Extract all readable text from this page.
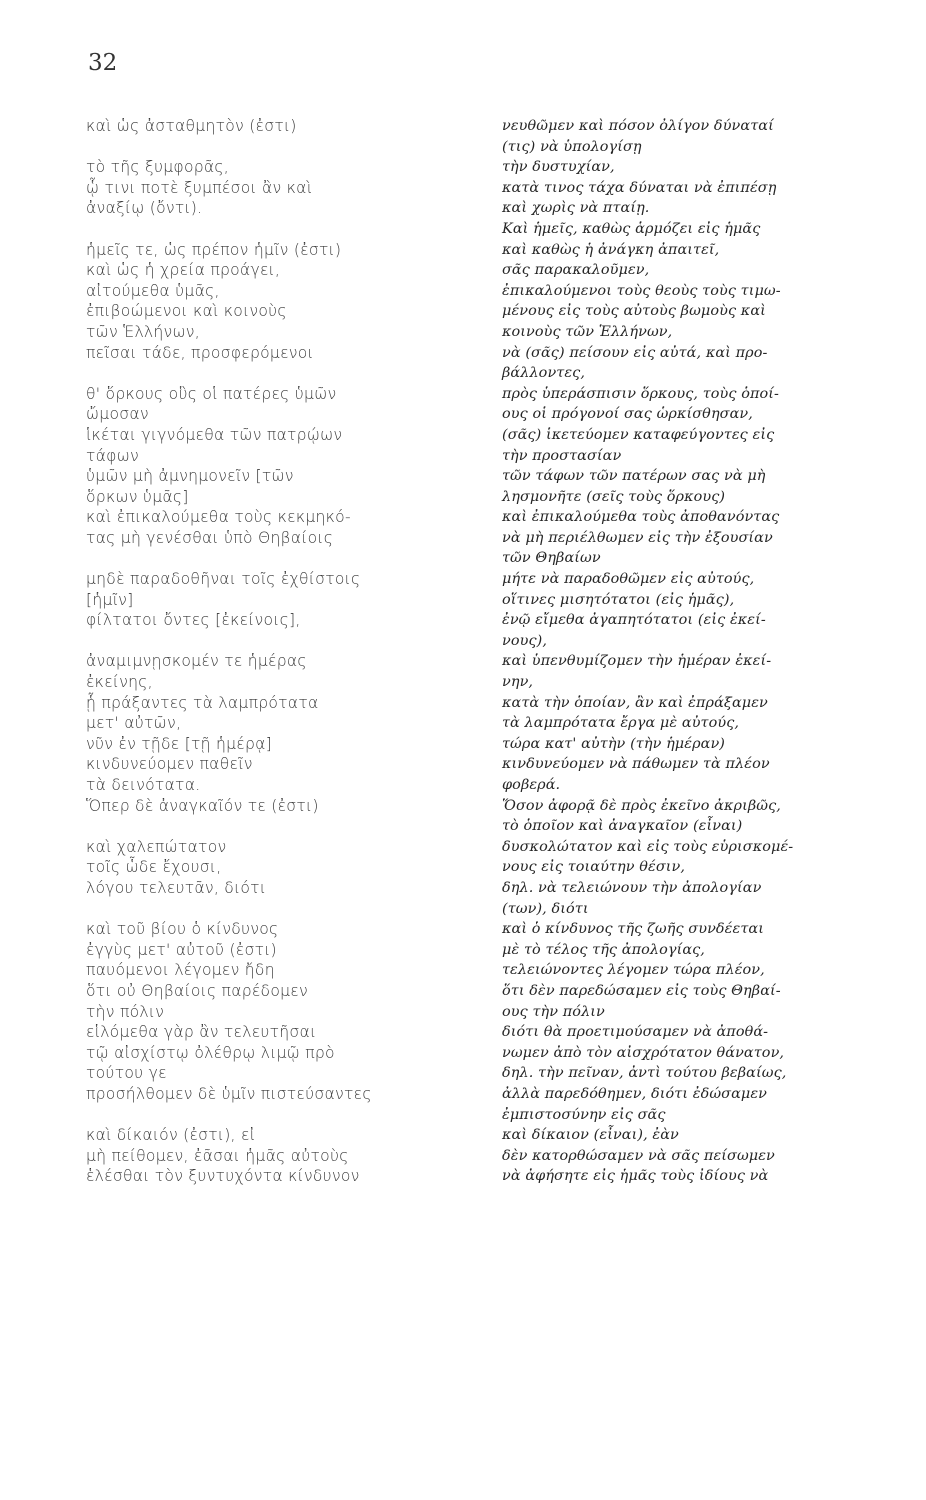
32
καὶ ὡς ἀσταθμητὸν (ἐστι)
τὸ τῆς ξυμφορᾶς,
ᾧ τινι ποτὲ ξυμπέσοι ἂν καὶ
ἀναξίῳ (ὄντι).
ἡμεῖς τε, ὡς πρέπον ἡμῖν (ἐστι)
καὶ ὡς ἡ χρεία προάγει,
αἰτούμεθα ὑμᾶς,
ἐπιβοώμενοι καὶ κοινοὺς
τῶν Ἑλλήνων,
πεῖσαι τάδε, προσφερόμενοι
θ' ὅρκους οὓς οἱ πατέρες ὑμῶν
ὤμοσαν
ἱκέται γιγνόμεθα τῶν πατρῴων
τάφων
ὑμῶν μὴ ἀμνημονεῖν [τῶν
ὅρκων ὑμᾶς]
καὶ ἐπικαλούμεθα τοὺς κεκμηκό-
τας μὴ γενέσθαι ὑπὸ Θηβαίοις
μηδὲ παραδοθῆναι τοῖς ἐχθίστοις
[ἡμῖν]
φίλτατοι ὄντες [ἐκείνοις],
ἀναμιμνῃσκομέν τε ἡμέρας
ἐκείνης,
ᾗ πράξαντες τὰ λαμπρότατα
μετ' αὐτῶν,
νῦν ἐν τῇδε [τῇ ἡμέρᾳ]
κινδυνεύομεν παθεῖν
τὰ δεινότατα.
Ὅπερ δὲ ἀναγκαῖόν τε (ἐστι)
καὶ χαλεπώτατον
τοῖς ὧδε ἔχουσι,
λόγου τελευτᾶν, διότι
καὶ τοῦ βίου ὁ κίνδυνος
ἐγγὺς μετ' αὐτοῦ (ἐστι)
παυόμενοι λέγομεν ἤδη
ὅτι οὐ Θηβαίοις παρέδομεν
τὴν πόλιν
εἱλόμεθα γὰρ ἂν τελευτῆσαι
τῷ αἰσχίστῳ ὀλέθρῳ λιμῷ πρὸ
τούτου γε
προσήλθομεν δὲ ὑμῖν πιστεύσαντες
καὶ δίκαιόν (ἐστι), εἰ
μὴ πείθομεν, ἐᾶσαι ἡμᾶς αὐτοὺς
ἑλέσθαι τὸν ξυντυχόντα κίνδυνον
νευθῶμεν καὶ πόσον ὀλίγον δύναταί
(τις) νὰ ὑπολογίσῃ
τὴν δυστυχίαν,
κατὰ τινος τάχα δύναται νὰ ἐπιπέσῃ
καὶ χωρὶς νὰ πταίῃ.
Καὶ ἡμεῖς, καθὼς ἁρμόζει εἰς ἡμᾶς
καὶ καθὼς ἡ ἀνάγκη ἀπαιτεῖ,
σᾶς παρακαλοῦμεν,
ἐπικαλούμενοι τοὺς θεοὺς τοὺς τιμω-
μένους εἰς τοὺς αὐτοὺς βωμοὺς καὶ
κοινοὺς τῶν Ἑλλήνων,
νὰ (σᾶς) πείσουν εἰς αὐτά, καὶ προ-
βάλλοντες,
πρὸς ὑπεράσπισιν ὅρκους, τοὺς ὁποί-
ους οἱ πρόγονοί σας ὡρκίσθησαν,
(σᾶς) ἱκετεύομεν καταφεύγοντες εἰς
τὴν προστασίαν
τῶν τάφων τῶν πατέρων σας νὰ μὴ
λησμονῆτε (σεῖς τοὺς ὅρκους)
καὶ ἐπικαλούμεθα τοὺς ἀποθανόντας
νὰ μὴ περιέλθωμεν εἰς τὴν ἐξουσίαν
τῶν Θηβαίων
μήτε νὰ παραδοθῶμεν εἰς αὐτούς,
οἵτινες μισητότατοι (εἰς ἡμᾶς),
ἐνῷ εἴμεθα ἀγαπητότατοι (εἰς ἐκεί-
νους),
καὶ ὑπενθυμίζομεν τὴν ἡμέραν ἐκεί-
νην,
κατὰ τὴν ὁποίαν, ἂν καὶ ἐπράξαμεν
τὰ λαμπρότατα ἔργα μὲ αὐτούς,
τώρα κατ' αὐτὴν (τὴν ἡμέραν)
κινδυνεύομεν νὰ πάθωμεν τὰ πλέον
φοβερά.
Ὅσον ἀφορᾷ δὲ πρὸς ἐκεῖνο ἀκριβῶς,
τὸ ὁποῖον καὶ ἀναγκαῖον (εἶναι)
δυσκολώτατον καὶ εἰς τοὺς εὑρισκομέ-
νους εἰς τοιαύτην θέσιν,
δηλ. νὰ τελειώνουν τὴν ἀπολογίαν
(των), διότι
καὶ ὁ κίνδυνος τῆς ζωῆς συνδέεται
μὲ τὸ τέλος τῆς ἀπολογίας,
τελειώνοντες λέγομεν τώρα πλέον,
ὅτι δὲν παρεδώσαμεν εἰς τοὺς Θηβαί-
ους τὴν πόλιν
διότι θὰ προετιμούσαμεν νὰ ἀποθά-
νωμεν ἀπὸ τὸν αἰσχρότατον θάνατον,
δηλ. τὴν πεῖναν, ἀντὶ τούτου βεβαίως,
ἀλλὰ παρεδόθημεν, διότι ἐδώσαμεν
ἐμπιστοσύνην εἰς σᾶς
καὶ δίκαιον (εἶναι), ἐὰν
δὲν κατορθώσαμεν νὰ σᾶς πείσωμεν
νὰ ἀφήσητε εἰς ἡμᾶς τοὺς ἰδίους νὰ
